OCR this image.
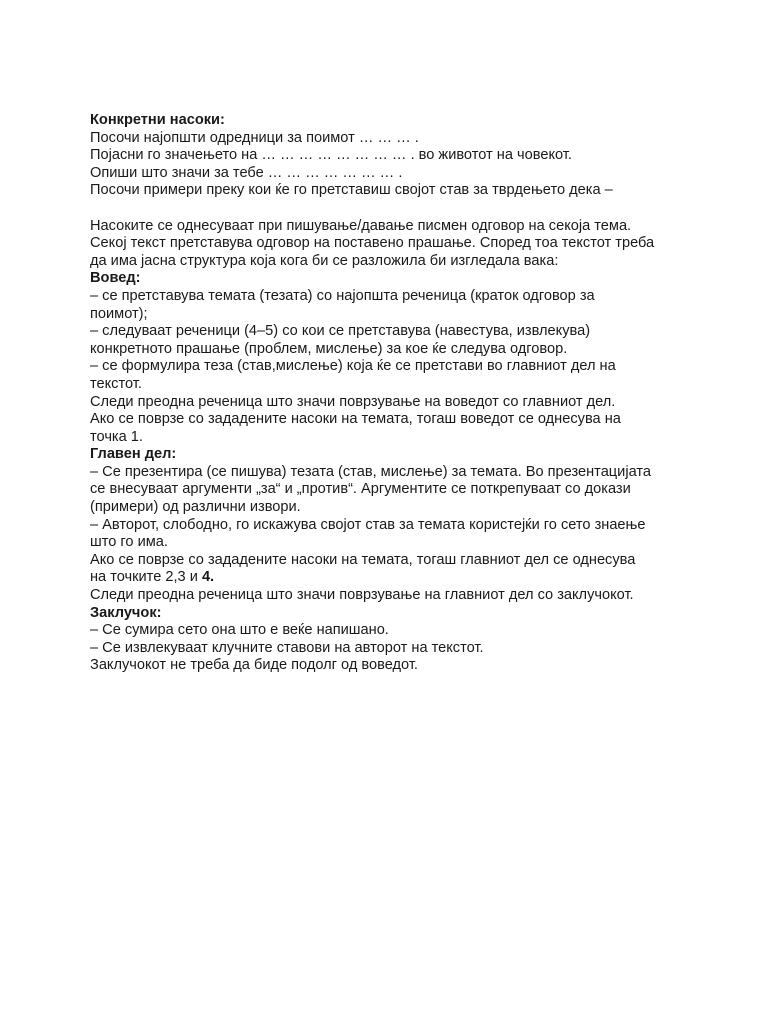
Конкретни насоки:

Посочи најопшти одредници за поимот … … … .

Појасни го значењето на … … … … … … … … . во животот на човекот.

Опиши што значи за тебе … … … … … … … .

Посочи примери преку кои ќе го претставиш својот став за тврдењето дека –

Насоките се однесуваат при пишување/давање писмен одговор на секоја тема.

Секој текст претставува одговор на поставено прашање. Според тоа текстот треба

да има јасна структура која кога би се разложила би изгледала вака:

Вовед:

– се претставува темата (тезата) со најопшта реченица (краток одговор за

поимот);

– следуваат реченици (4–5) со кои се претставува (навестува, извлекува)

конкретното прашање (проблем, мислење) за кое ќе следува одговор.

– се формулира теза (став,мислење) која ќе се претстави во главниот дел на

текстот.

Следи преодна реченица што значи поврзување на воведот со главниот дел.

Ако се поврзе со зададените насоки на темата, тогаш воведот се однесува на

точка 1.

Главен дел:

– Се презентира (се пишува) тезата (став, мислење) за темата. Во презентацијата

се внесуваат аргументи „за“ и „против“. Аргументите се поткрепуваат со докази

(примери) од различни извори.

– Авторот, слободно, го искажува својот став за темата користејќи го сето знаење

што го има.

Ако се поврзе со зададените насоки на темата, тогаш главниот дел се однесува

на точките 2,3 и 4.

Следи преодна реченица што значи поврзување на главниот дел со заклучокот.

Заклучок:

– Се сумира сето она што е веќе напишано.

– Се извлекуваат клучните ставови на авторот на текстот.

Заклучокот не треба да биде подолг од воведот.
